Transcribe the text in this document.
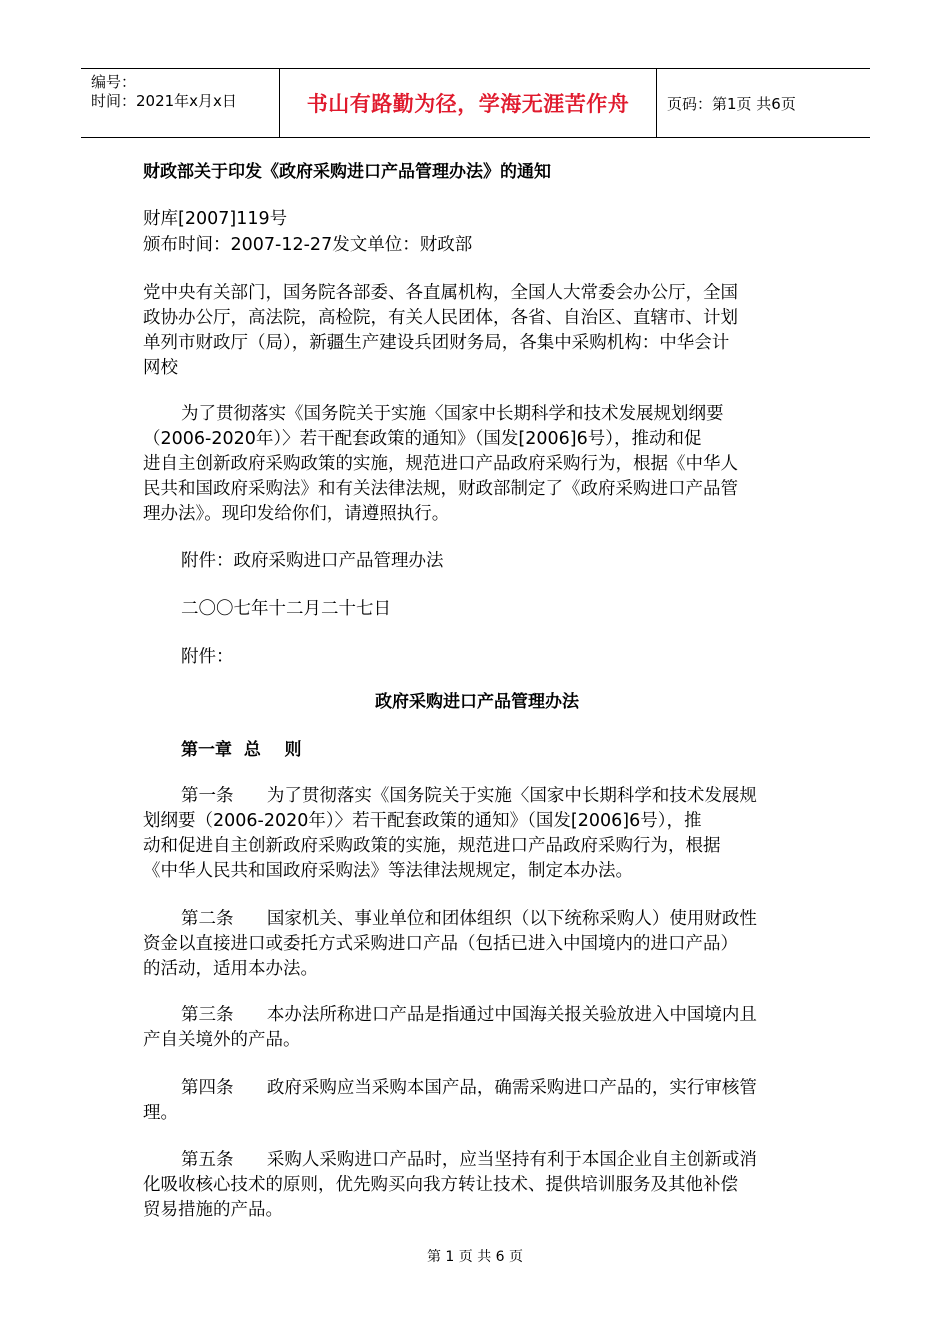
编号：
时间：2021年x月x日	书山有路勤为径，学海无涯苦作舟	页码：第1页 共6页
财政部关于印发《政府采购进口产品管理办法》的通知
财库[2007]119号
颁布时间：2007-12-27发文单位：财政部
党中央有关部门，国务院各部委、各直属机构，全国人大常委会办公厅，全国
政协办公厅，高法院，高检院，有关人民团体，各省、自治区、直辖市、计划
单列市财政厅（局），新疆生产建设兵团财务局，各集中采购机构：中华会计
网校
为了贯彻落实《国务院关于实施〈国家中长期科学和技术发展规划纲要
（2006-2020年）〉若干配套政策的通知》（国发[2006]6号），推动和促
进自主创新政府采购政策的实施，规范进口产品政府采购行为，根据《中华人
民共和国政府采购法》和有关法律法规，财政部制定了《政府采购进口产品管
理办法》。现印发给你们，请遵照执行。
附件：政府采购进口产品管理办法
二〇〇七年十二月二十七日
附件：
政府采购进口产品管理办法
第一章  总    则
第一条      为了贯彻落实《国务院关于实施〈国家中长期科学和技术发展规
划纲要（2006-2020年）〉若干配套政策的通知》（国发[2006]6号），推
动和促进自主创新政府采购政策的实施，规范进口产品政府采购行为，根据
《中华人民共和国政府采购法》等法律法规规定，制定本办法。
第二条      国家机关、事业单位和团体组织（以下统称采购人）使用财政性
资金以直接进口或委托方式采购进口产品（包括已进入中国境内的进口产品）
的活动，适用本办法。
第三条      本办法所称进口产品是指通过中国海关报关验放进入中国境内且
产自关境外的产品。
第四条      政府采购应当采购本国产品，确需采购进口产品的，实行审核管
理。
第五条      采购人采购进口产品时，应当坚持有利于本国企业自主创新或消
化吸收核心技术的原则，优先购买向我方转让技术、提供培训服务及其他补偿
贸易措施的产品。
第 1 页 共 6 页
